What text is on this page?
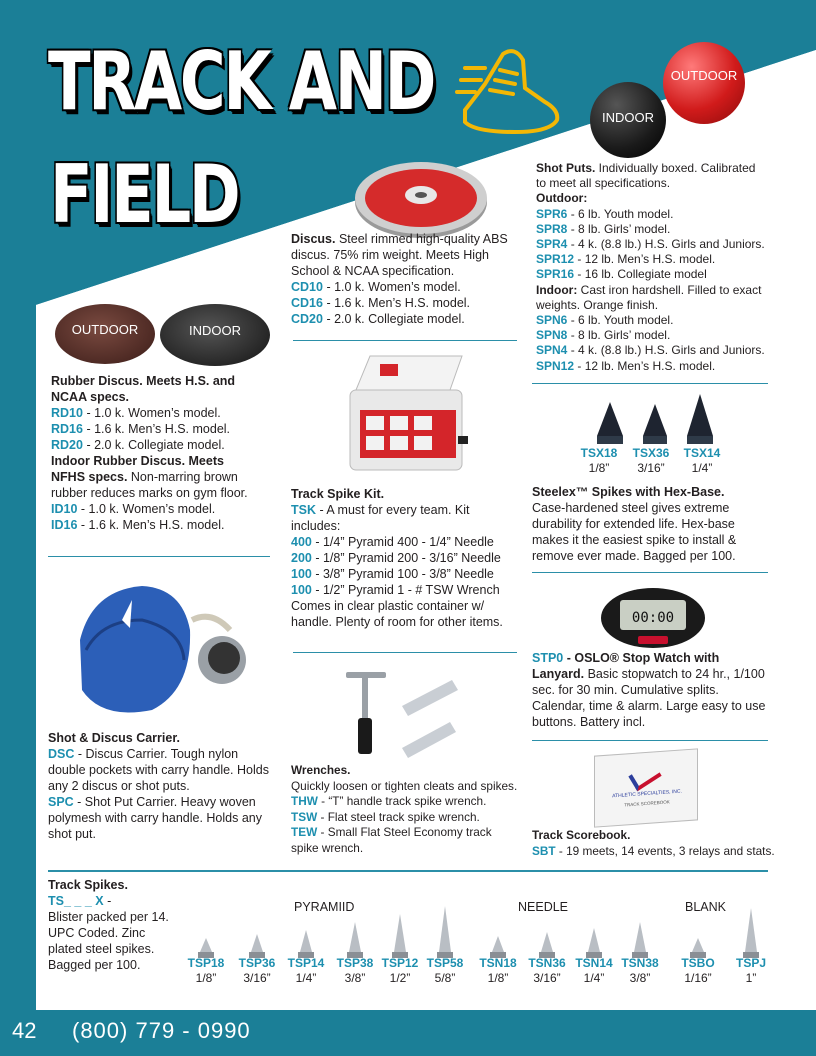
TRACK AND
FIELD
OUTDOOR
INDOOR
Shot Puts. Individually boxed. Calibrated to meet all specifications.
Outdoor:
SPR6 - 6 lb. Youth model.
SPR8 - 8 lb. Girls’ model.
SPR4 - 4 k. (8.8 lb.) H.S. Girls and Juniors.
SPR12 - 12 lb. Men’s H.S. model.
SPR16 - 16 lb. Collegiate model
Indoor: Cast iron hardshell. Filled to exact weights. Orange finish.
SPN6 - 6 lb. Youth model.
SPN8 - 8 lb. Girls’ model.
SPN4 - 4 k. (8.8 lb.) H.S. Girls and Juniors.
SPN12 - 12 lb. Men’s H.S. model.
Discus. Steel rimmed high-quality ABS discus. 75% rim weight. Meets High School & NCAA specification.
CD10 - 1.0 k. Women’s model.
CD16 - 1.6 k. Men’s H.S. model.
CD20 - 2.0 k. Collegiate model.
OUTDOOR	INDOOR
Rubber Discus. Meets H.S. and NCAA specs.
RD10 - 1.0 k. Women’s model.
RD16 - 1.6 k. Men’s H.S. model.
RD20 - 2.0 k. Collegiate model.
Indoor Rubber Discus. Meets NFHS specs. Non-marring brown rubber reduces marks on gym floor.
ID10 - 1.0 k. Women’s model.
ID16 - 1.6 k. Men’s H.S. model.
Track Spike Kit.
TSK - A must for every team. Kit includes:
400 - 1/4” Pyramid 400 - 1/4” Needle
200 - 1/8” Pyramid 200 - 3/16” Needle
100 - 3/8” Pyramid 100 - 3/8” Needle
100 - 1/2” Pyramid 1 - # TSW Wrench
Comes in clear plastic container w/ handle. Plenty of room for other items.
TSX18
1/8”
TSX36
3/16”
TSX14
1/4”
Steelex™ Spikes with Hex-Base.
Case-hardened steel gives extreme durability for extended life. Hex-base makes it the easiest spike to install & remove ever made. Bagged per 100.
00:00
STP0 - OSLO® Stop Watch with Lanyard. Basic stopwatch to 24 hr., 1/100 sec. for 30 min. Cumulative splits. Calendar, time & alarm. Large easy to use buttons. Battery incl.
Shot & Discus Carrier.
DSC - Discus Carrier. Tough nylon double pockets with carry handle. Holds any 2 discus or shot puts.
SPC - Shot Put Carrier. Heavy woven polymesh with carry handle. Holds any shot put.
Wrenches.
Quickly loosen or tighten cleats and spikes.
THW - “T” handle track spike wrench.
TSW - Flat steel track spike wrench.
TEW - Small Flat Steel Economy track spike wrench.
ATHLETIC SPECIALTIES, INC.
TRACK SCOREBOOK
Track Scorebook.
SBT - 19 meets, 14 events, 3 relays and stats.
Track Spikes.
TS_ _ _ X -

Blister packed per 14. UPC Coded. Zinc plated steel spikes. Bagged per 100.
PYRAMIID	NEEDLE	BLANK
TSP18
1/8”
TSP36
3/16”
TSP14
1/4”
TSP38
3/8”
TSP12
1/2”
TSP58
5/8”
TSN18
1/8”
TSN36
3/16”
TSN14
1/4”
TSN38
3/8”
TSBO
1/16”
TSPJ
1”
42 (800) 779 - 0990
